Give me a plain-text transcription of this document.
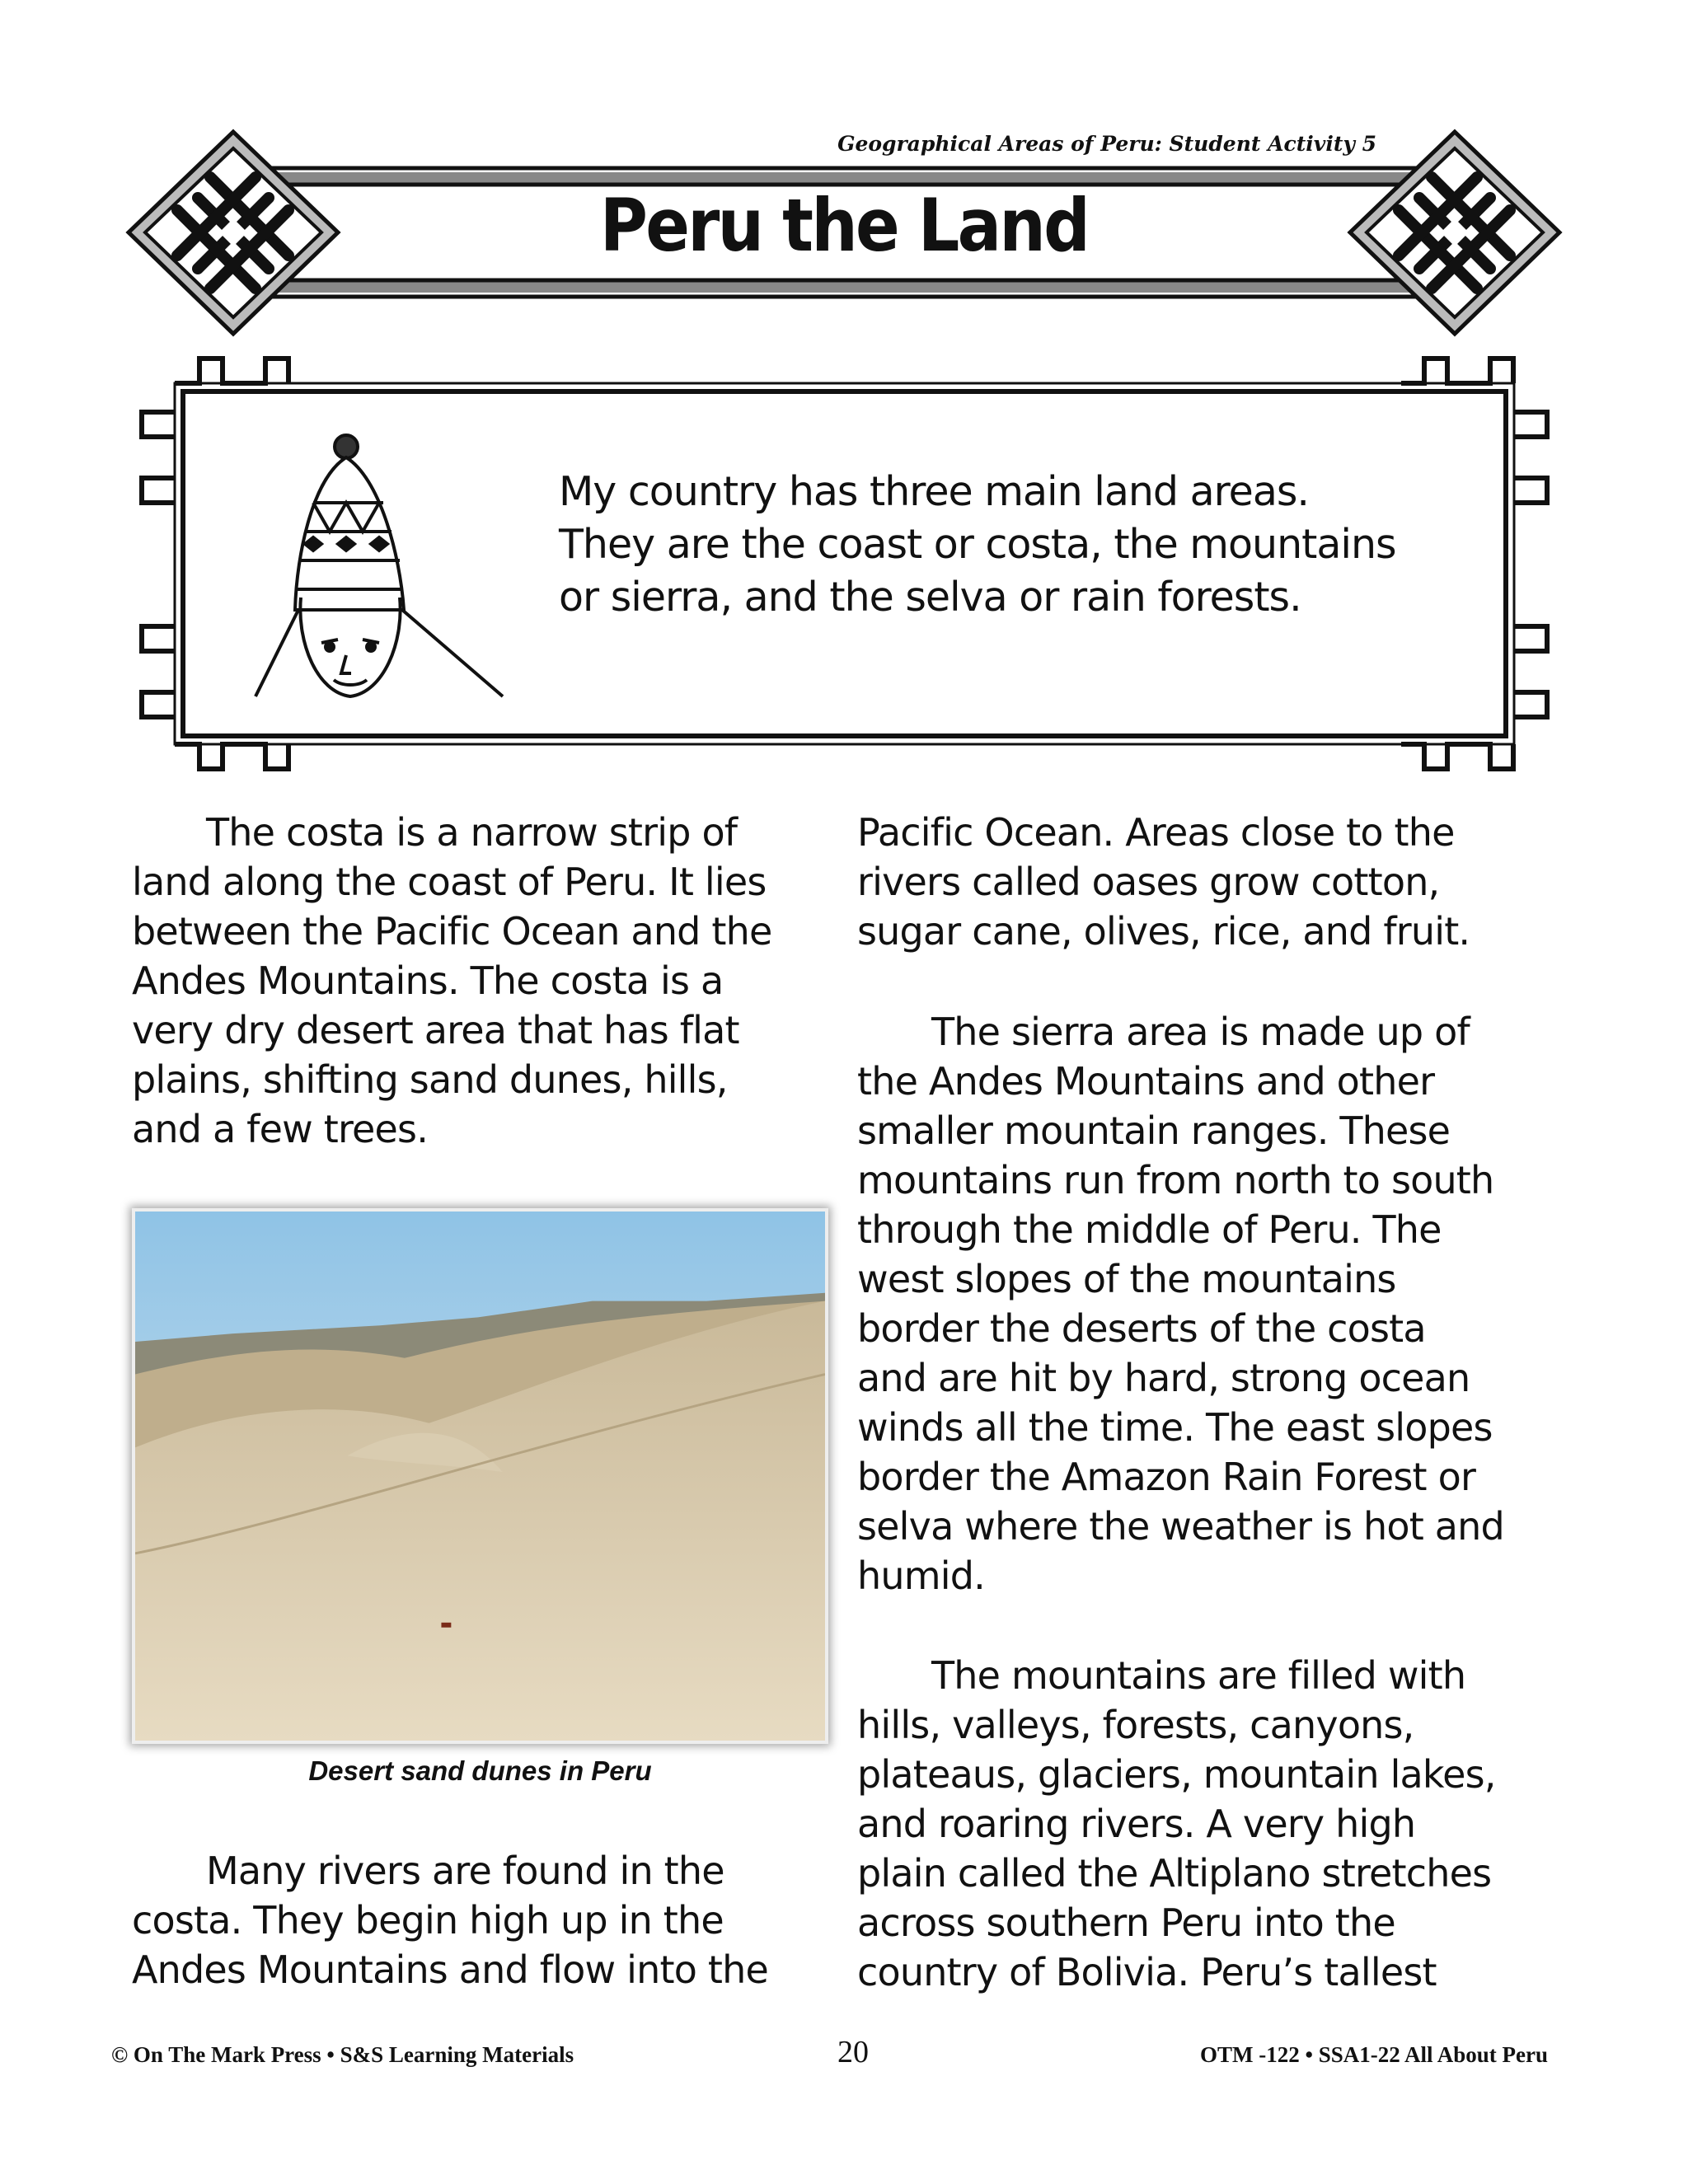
Geographical Areas of Peru: Student Activity 5
Peru the Land
My country has three main land areas.
They are the coast or costa, the mountains
or sierra, and the selva or rain forests.
The costa is a narrow strip of
land along the coast of Peru. It lies
between the Pacific Ocean and the
Andes Mountains. The costa is a
very dry desert area that has flat
plains, shifting sand dunes, hills,
and a few trees.
Desert sand dunes in Peru
Many rivers are found in the
costa. They begin high up in the
Andes Mountains and flow into the
Pacific Ocean. Areas close to the
rivers called oases grow cotton,
sugar cane, olives, rice, and fruit.
The sierra area is made up of
the Andes Mountains and other
smaller mountain ranges. These
mountains run from north to south
through the middle of Peru. The
west slopes of the mountains
border the deserts of the costa
and are hit by hard, strong ocean
winds all the time. The east slopes
border the Amazon Rain Forest or
selva where the weather is hot and
humid.
The mountains are filled with
hills, valleys, forests, canyons,
plateaus, glaciers, mountain lakes,
and roaring rivers. A very high
plain called the Altiplano stretches
across southern Peru into the
country of Bolivia. Peru’s tallest
© On The Mark Press • S&S Learning Materials	20	OTM -122 • SSA1-22 All About Peru
